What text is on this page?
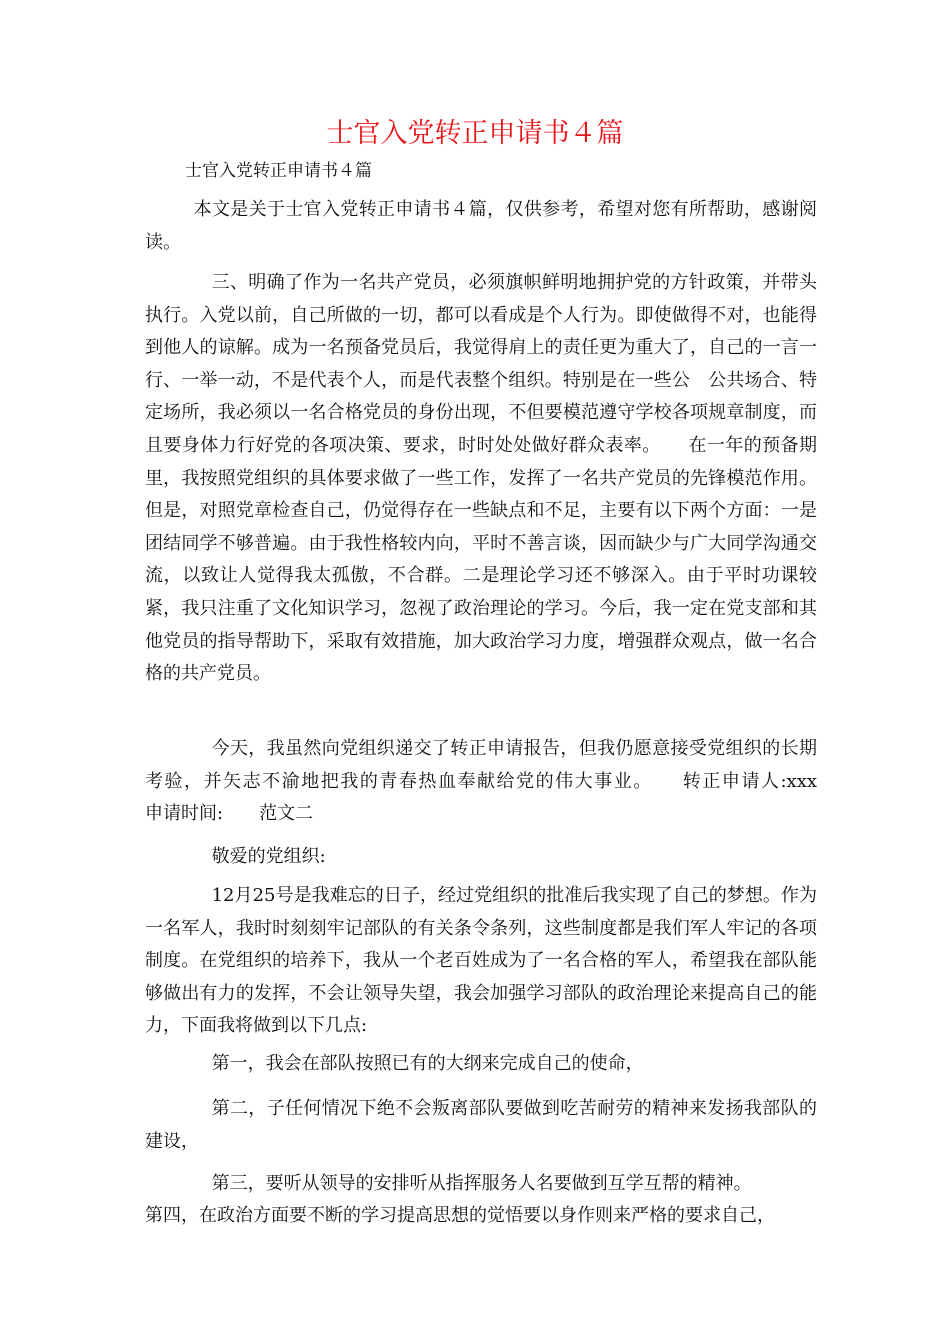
士官入党转正申请书４篇

士官入党转正申请书４篇

本文是关于士官入党转正申请书４篇，仅供参考，希望对您有所帮助，感谢阅读。

三、明确了作为一名共产党员，必须旗帜鲜明地拥护党的方针政策，并带头执行。入党以前，自己所做的一切，都可以看成是个人行为。即使做得不对，也能得到他人的谅解。成为一名预备党员后，我觉得肩上的责任更为重大了，自己的一言一行、一举一动，不是代表个人，而是代表整个组织。特别是在一些公　公共场合、特定场所，我必须以一名合格党员的身份出现，不但要模范遵守学校各项规章制度，而且要身体力行好党的各项决策、要求，时时处处做好群众表率。　　在一年的预备期里，我按照党组织的具体要求做了一些工作，发挥了一名共产党员的先锋模范作用。但是，对照党章检查自己，仍觉得存在一些缺点和不足，主要有以下两个方面：一是团结同学不够普遍。由于我性格较内向，平时不善言谈，因而缺少与广大同学沟通交流，以致让人觉得我太孤傲，不合群。二是理论学习还不够深入。由于平时功课较紧，我只注重了文化知识学习，忽视了政治理论的学习。今后，我一定在党支部和其他党员的指导帮助下，采取有效措施，加大政治学习力度，增强群众观点，做一名合格的共产党员。

今天，我虽然向党组织递交了转正申请报告，但我仍愿意接受党组织的长期考验，并矢志不渝地把我的青春热血奉献给党的伟大事业。　　转正申请人:xxx　　申请时间:　　范文二

敬爱的党组织:

12月25号是我难忘的日子，经过党组织的批准后我实现了自己的梦想。作为一名军人，我时时刻刻牢记部队的有关条令条列，这些制度都是我们军人牢记的各项制度。在党组织的培养下，我从一个老百姓成为了一名合格的军人，希望我在部队能够做出有力的发挥，不会让领导失望，我会加强学习部队的政治理论来提高自己的能力，下面我将做到以下几点:

第一，我会在部队按照已有的大纲来完成自己的使命，

第二，子任何情况下绝不会叛离部队要做到吃苦耐劳的精神来发扬我部队的建设，

第三，要听从领导的安排听从指挥服务人名要做到互学互帮的精神。

第四，在政治方面要不断的学习提高思想的觉悟要以身作则来严格的要求自己，
